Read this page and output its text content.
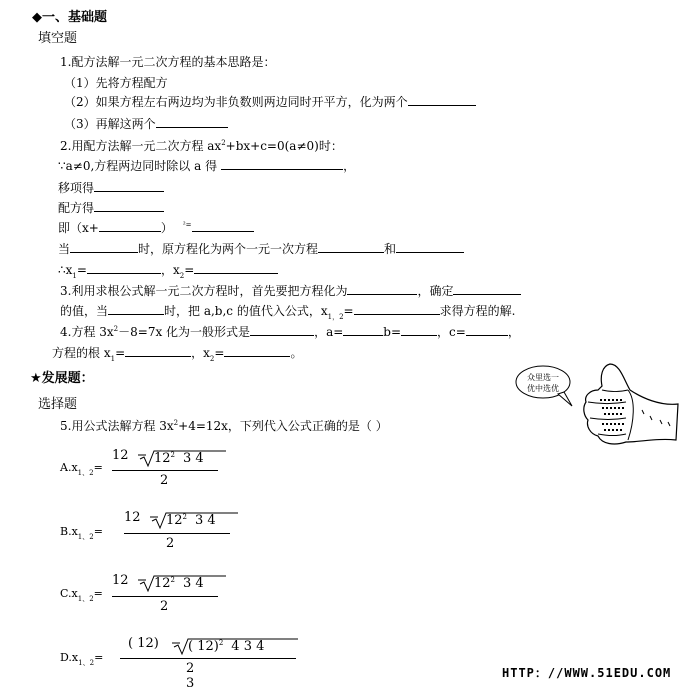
◆一、基础题
填空题
1.配方法解一元二次方程的基本思路是：
（1）先将方程配方
（2）如果方程左右两边均为非负数则两边同时开平方，化为两个
（3）再解这两个
2.用配方法解一元二次方程 $ax^2+bx+c=0(a\ne 0)$时：
∵a≠0,方程两边同时除以 a 得	，
移项得
配方得
即（x+	） $^{^2=}$
当	时，原方程化为两个一元一次方程	和
$\therefore x_1=$	，$x_2=$
3.利用求根公式解一元二次方程时，首先要把方程化为	，确定
的值，当	时，把 a,b,c 的值代入公式，$x_{1,2}=$	求得方程的解.
4.方程 $3x^2-8=7x$ 化为一般形式是	，a=	b=	，c=	，
方程的根 $x_1=$	，$x_2=$	。
★发展题：
选择题
5.用公式法解方程 $3x^2+4=12x$，下列代入公式正确的是（ ）
$A.x_{1、2}=$
12 $12^2$ 3 4
2
$B.x_{1、2}=$
12 $12^2$ 3 4
2
$C.x_{1、2}=$
12 $12^2$ 3 4
2
$D.x_{1、2}=$
( 12) ( 12)$^2$ 4 3 4
2 3
众里选一
优中选优
HTTP：//WWW.51EDU.COM
